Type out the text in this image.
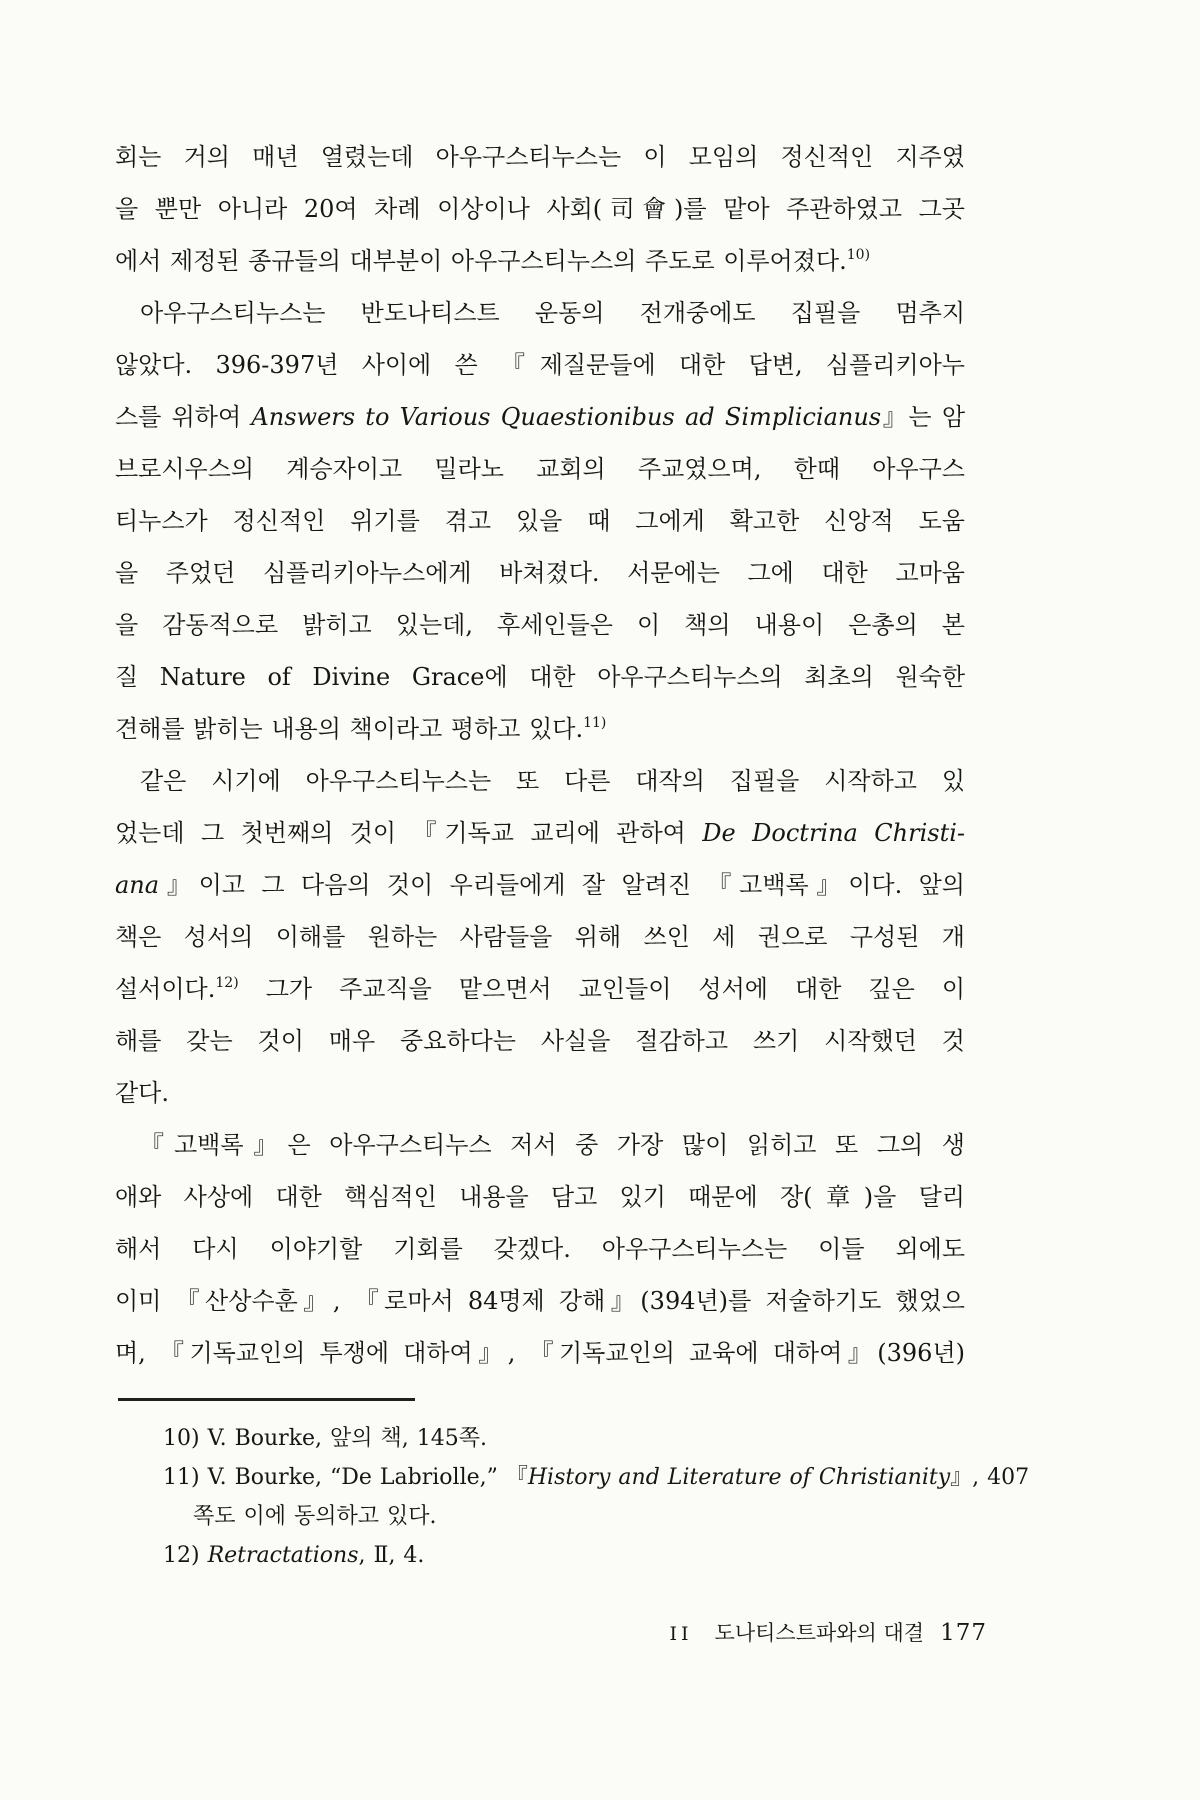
회는 거의 매년 열렸는데 아우구스티누스는 이 모임의 정신적인 지주였
을 뿐만 아니라 20여 차례 이상이나 사회(司會)를 맡아 주관하였고 그곳
에서 제정된 종규들의 대부분이 아우구스티누스의 주도로 이루어졌다.$^{10)}$
아우구스티누스는 반도나티스트 운동의 전개중에도 집필을 멈추지
않았다. 396-397년 사이에 쓴 『제질문들에 대한 답변, 심플리키아누
스를 위하여 Answers to Various Quaestionibus ad Simplicianus』는 암
브로시우스의 계승자이고 밀라노 교회의 주교였으며, 한때 아우구스
티누스가 정신적인 위기를 겪고 있을 때 그에게 확고한 신앙적 도움
을 주었던 심플리키아누스에게 바쳐졌다. 서문에는 그에 대한 고마움
을 감동적으로 밝히고 있는데, 후세인들은 이 책의 내용이 은총의 본
질 Nature of Divine Grace에 대한 아우구스티누스의 최초의 원숙한
견해를 밝히는 내용의 책이라고 평하고 있다.$^{11)}$
같은 시기에 아우구스티누스는 또 다른 대작의 집필을 시작하고 있
었는데 그 첫번째의 것이 『기독교 교리에 관하여 De Doctrina Christi-
ana』이고 그 다음의 것이 우리들에게 잘 알려진 『고백록』이다. 앞의
책은 성서의 이해를 원하는 사람들을 위해 쓰인 세 권으로 구성된 개
설서이다.$^{12)}$ 그가 주교직을 맡으면서 교인들이 성서에 대한 깊은 이
해를 갖는 것이 매우 중요하다는 사실을 절감하고 쓰기 시작했던 것
같다.
『고백록』은 아우구스티누스 저서 중 가장 많이 읽히고 또 그의 생
애와 사상에 대한 핵심적인 내용을 담고 있기 때문에 장(章)을 달리
해서 다시 이야기할 기회를 갖겠다. 아우구스티누스는 이들 외에도
이미 『산상수훈』, 『로마서 84명제 강해』(394년)를 저술하기도 했었으
며, 『기독교인의 투쟁에 대하여』, 『기독교인의 교육에 대하여』(396년)
10) V. Bourke, 앞의 책, 145쪽.
11) V. Bourke, “De Labriolle,” 『History and Literature of Christianity』, 407
쪽도 이에 동의하고 있다.
12) Retractations, Ⅱ, 4.
II 도나티스트파와의 대결 177
